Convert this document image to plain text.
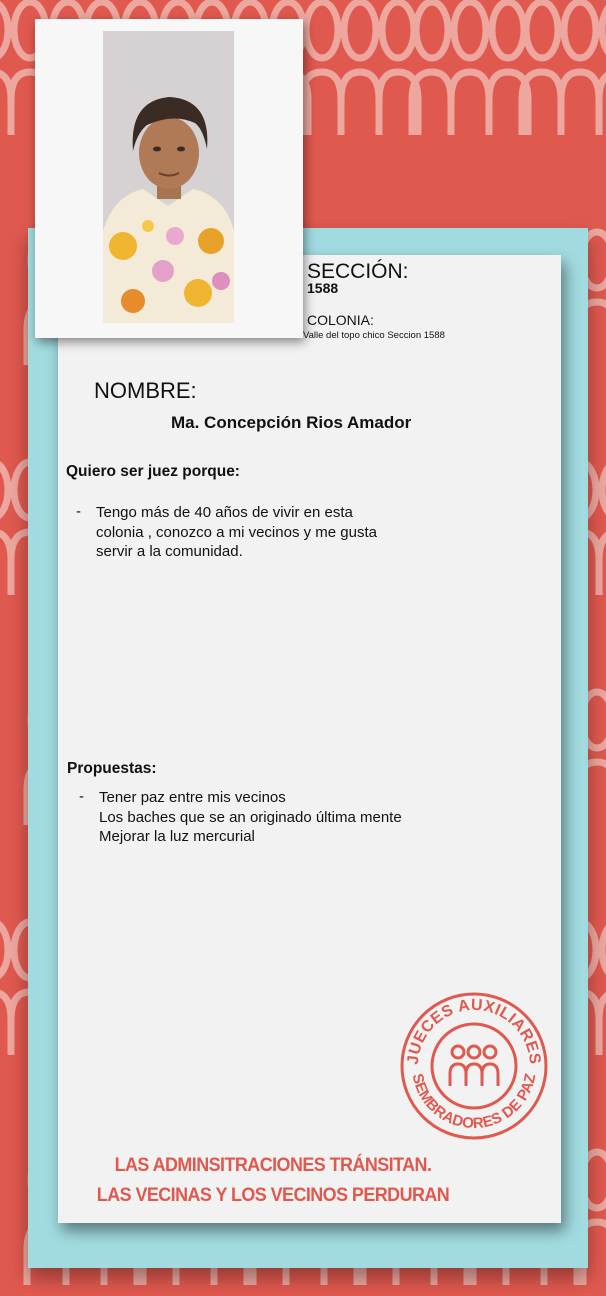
SECCIÓN:
1588
COLONIA:
Valle del topo chico Seccion 1588
NOMBRE:
Ma. Concepción Rios Amador
Quiero ser juez porque:
- Tengo más de 40 años de vivir en esta
colonia , conozco a mi vecinos y me gusta
servir a la comunidad.
Propuestas:
- Tener paz entre mis vecinos
Los baches que se an originado última mente
Mejorar la luz mercurial
JUECES AUXILIARES
SEMBRADORES DE PAZ
LAS ADMINSITRACIONES TRÁNSITAN.
LAS VECINAS Y LOS VECINOS PERDURAN
